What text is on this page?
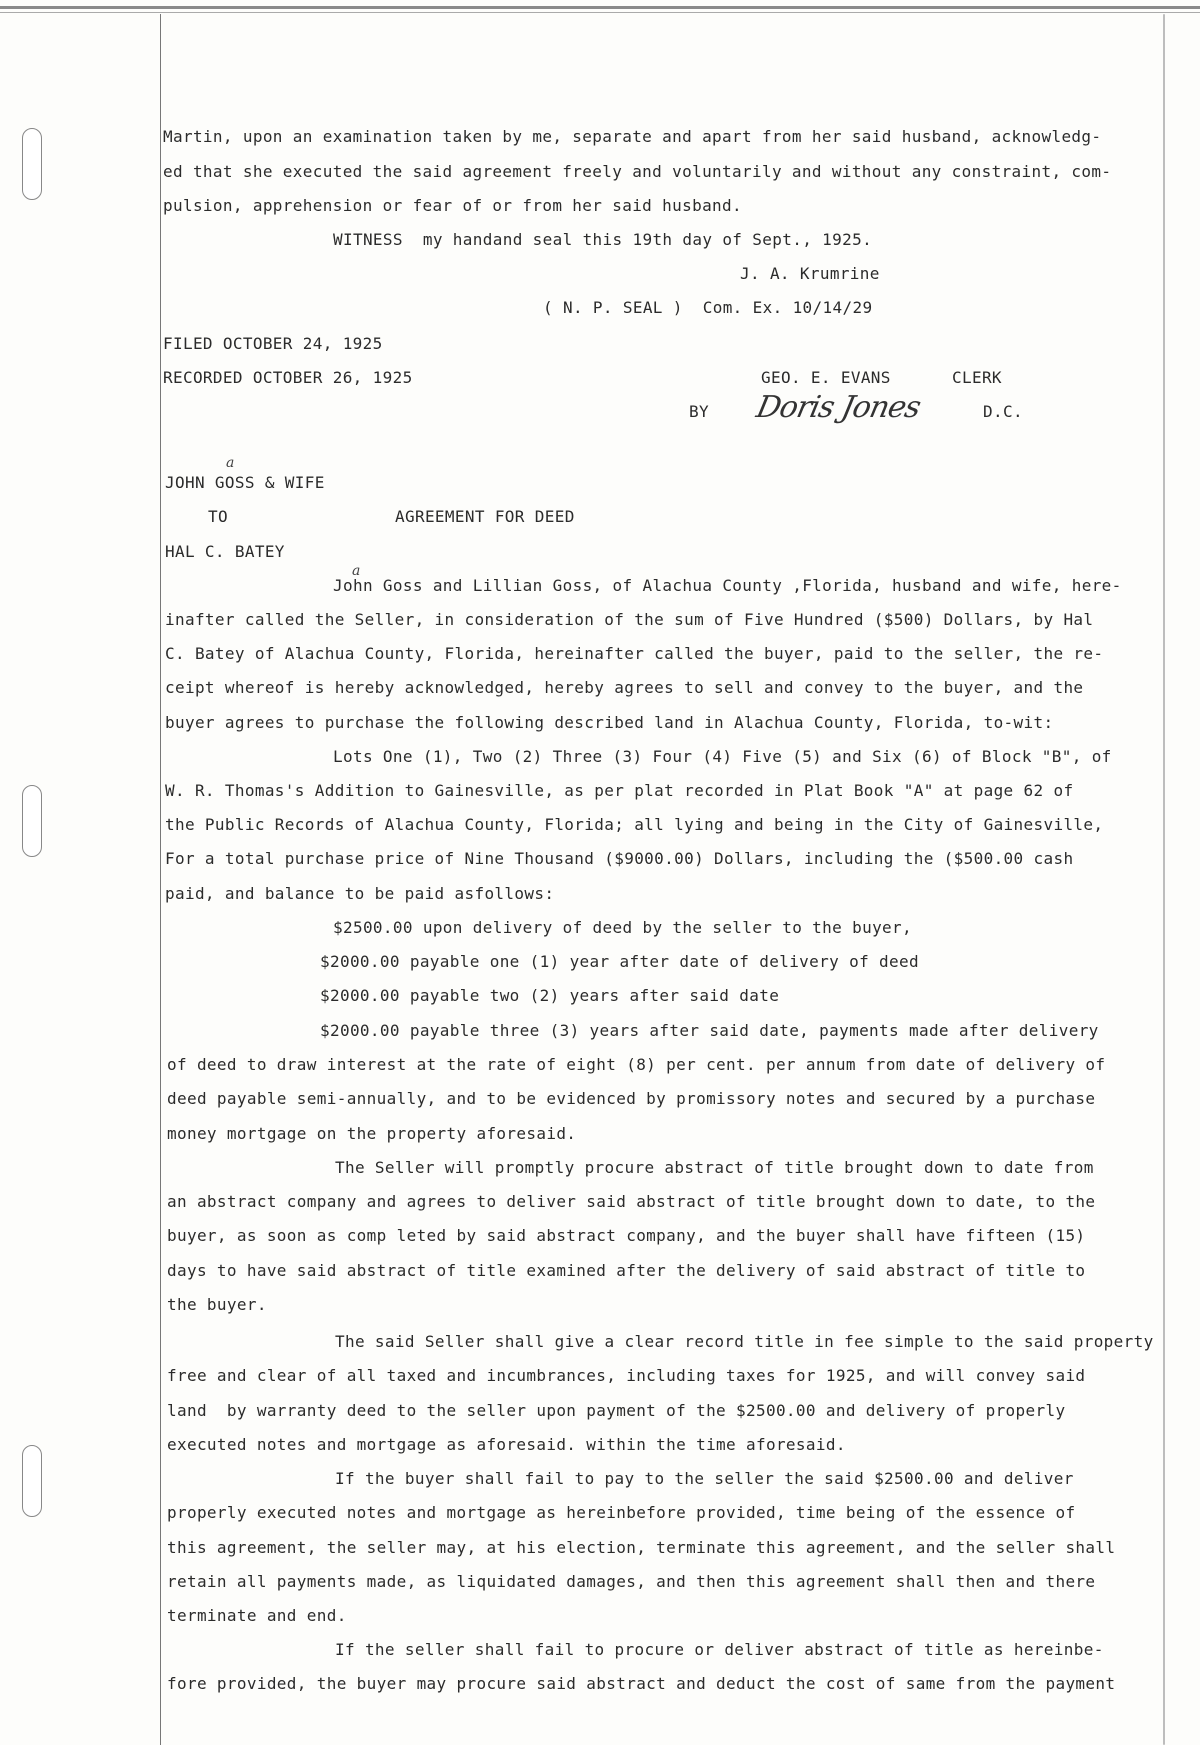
Martin, upon an examination taken by me, separate and apart from her said husband, acknowledg-
ed that she executed the said agreement freely and voluntarily and without any constraint, com-
pulsion, apprehension or fear of or from her said husband.
WITNESS  my handand seal this 19th day of Sept., 1925.
J. A. Krumrine
( N. P. SEAL )  Com. Ex. 10/14/29
FILED OCTOBER 24, 1925
RECORDED OCTOBER 26, 1925	GEO. E. EVANS	CLERK
BY Doris Jones	D.C.
a
JOHN GOSS & WIFE
TO	AGREEMENT FOR DEED
HAL C. BATEY
a
John Goss and Lillian Goss, of Alachua County ,Florida, husband and wife, here-
inafter called the Seller, in consideration of the sum of Five Hundred ($500) Dollars, by Hal
C. Batey of Alachua County, Florida, hereinafter called the buyer, paid to the seller, the re-
ceipt whereof is hereby acknowledged, hereby agrees to sell and convey to the buyer, and the
buyer agrees to purchase the following described land in Alachua County, Florida, to-wit:
Lots One (1), Two (2) Three (3) Four (4) Five (5) and Six (6) of Block "B", of
W. R. Thomas's Addition to Gainesville, as per plat recorded in Plat Book "A" at page 62 of
the Public Records of Alachua County, Florida; all lying and being in the City of Gainesville,
For a total purchase price of Nine Thousand ($9000.00) Dollars, including the ($500.00 cash
paid, and balance to be paid asfollows:
$2500.00 upon delivery of deed by the seller to the buyer,
$2000.00 payable one (1) year after date of delivery of deed
$2000.00 payable two (2) years after said date
$2000.00 payable three (3) years after said date, payments made after delivery
of deed to draw interest at the rate of eight (8) per cent. per annum from date of delivery of
deed payable semi-annually, and to be evidenced by promissory notes and secured by a purchase
money mortgage on the property aforesaid.
The Seller will promptly procure abstract of title brought down to date from
an abstract company and agrees to deliver said abstract of title brought down to date, to the
buyer, as soon as comp leted by said abstract company, and the buyer shall have fifteen (15)
days to have said abstract of title examined after the delivery of said abstract of title to
the buyer.
The said Seller shall give a clear record title in fee simple to the said property
free and clear of all taxed and incumbrances, including taxes for 1925, and will convey said
land  by warranty deed to the seller upon payment of the $2500.00 and delivery of properly
executed notes and mortgage as aforesaid. within the time aforesaid.
If the buyer shall fail to pay to the seller the said $2500.00 and deliver
properly executed notes and mortgage as hereinbefore provided, time being of the essence of
this agreement, the seller may, at his election, terminate this agreement, and the seller shall
retain all payments made, as liquidated damages, and then this agreement shall then and there
terminate and end.
If the seller shall fail to procure or deliver abstract of title as hereinbe-
fore provided, the buyer may procure said abstract and deduct the cost of same from the payment
